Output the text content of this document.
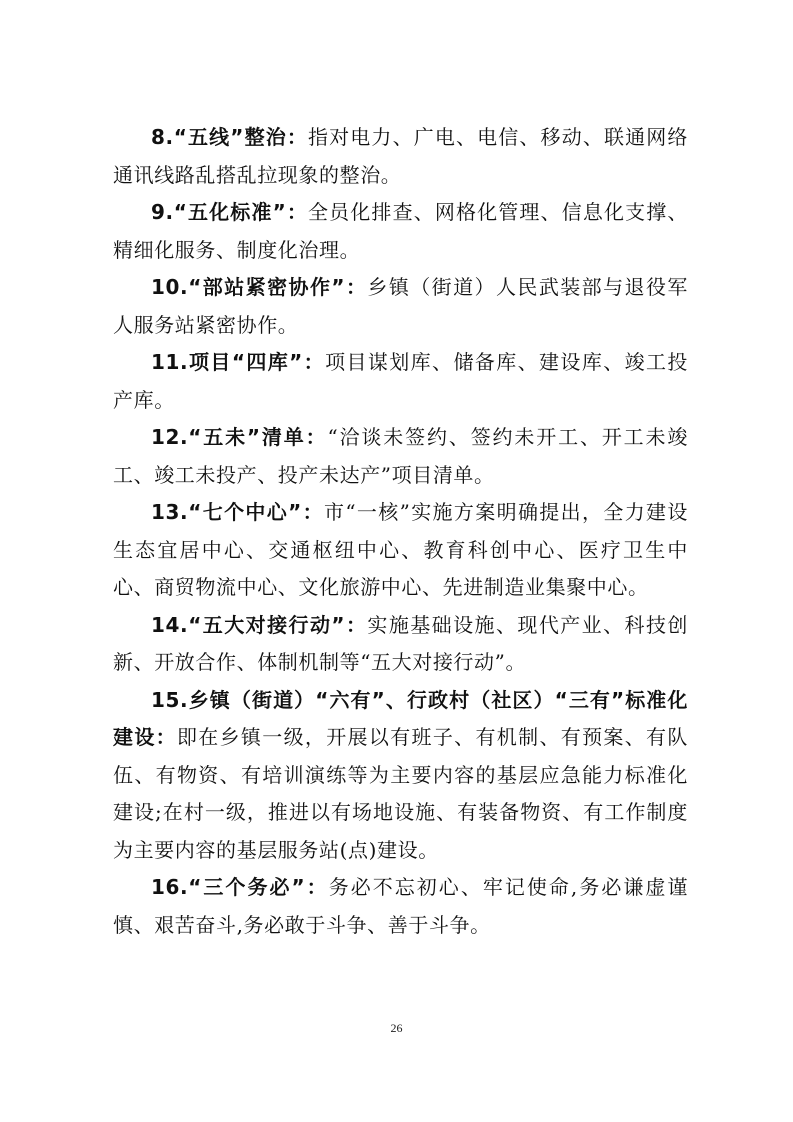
8.“五线”整治：指对电力、广电、电信、移动、联通网络通讯线路乱搭乱拉现象的整治。

9.“五化标准”：全员化排查、网格化管理、信息化支撑、精细化服务、制度化治理。

10.“部站紧密协作”：乡镇（街道）人民武装部与退役军人服务站紧密协作。

11.项目“四库”：项目谋划库、储备库、建设库、竣工投产库。

12.“五未”清单：“洽谈未签约、签约未开工、开工未竣工、竣工未投产、投产未达产”项目清单。

13.“七个中心”：市“一核”实施方案明确提出，全力建设生态宜居中心、交通枢纽中心、教育科创中心、医疗卫生中心、商贸物流中心、文化旅游中心、先进制造业集聚中心。

14.“五大对接行动”：实施基础设施、现代产业、科技创新、开放合作、体制机制等“五大对接行动”。

15.乡镇（街道）“六有”、行政村（社区）“三有”标准化建设：即在乡镇一级，开展以有班子、有机制、有预案、有队伍、有物资、有培训演练等为主要内容的基层应急能力标准化建设;在村一级，推进以有场地设施、有装备物资、有工作制度为主要内容的基层服务站(点)建设。

16.“三个务必”：务必不忘初心、牢记使命,务必谦虚谨慎、艰苦奋斗,务必敢于斗争、善于斗争。

26
